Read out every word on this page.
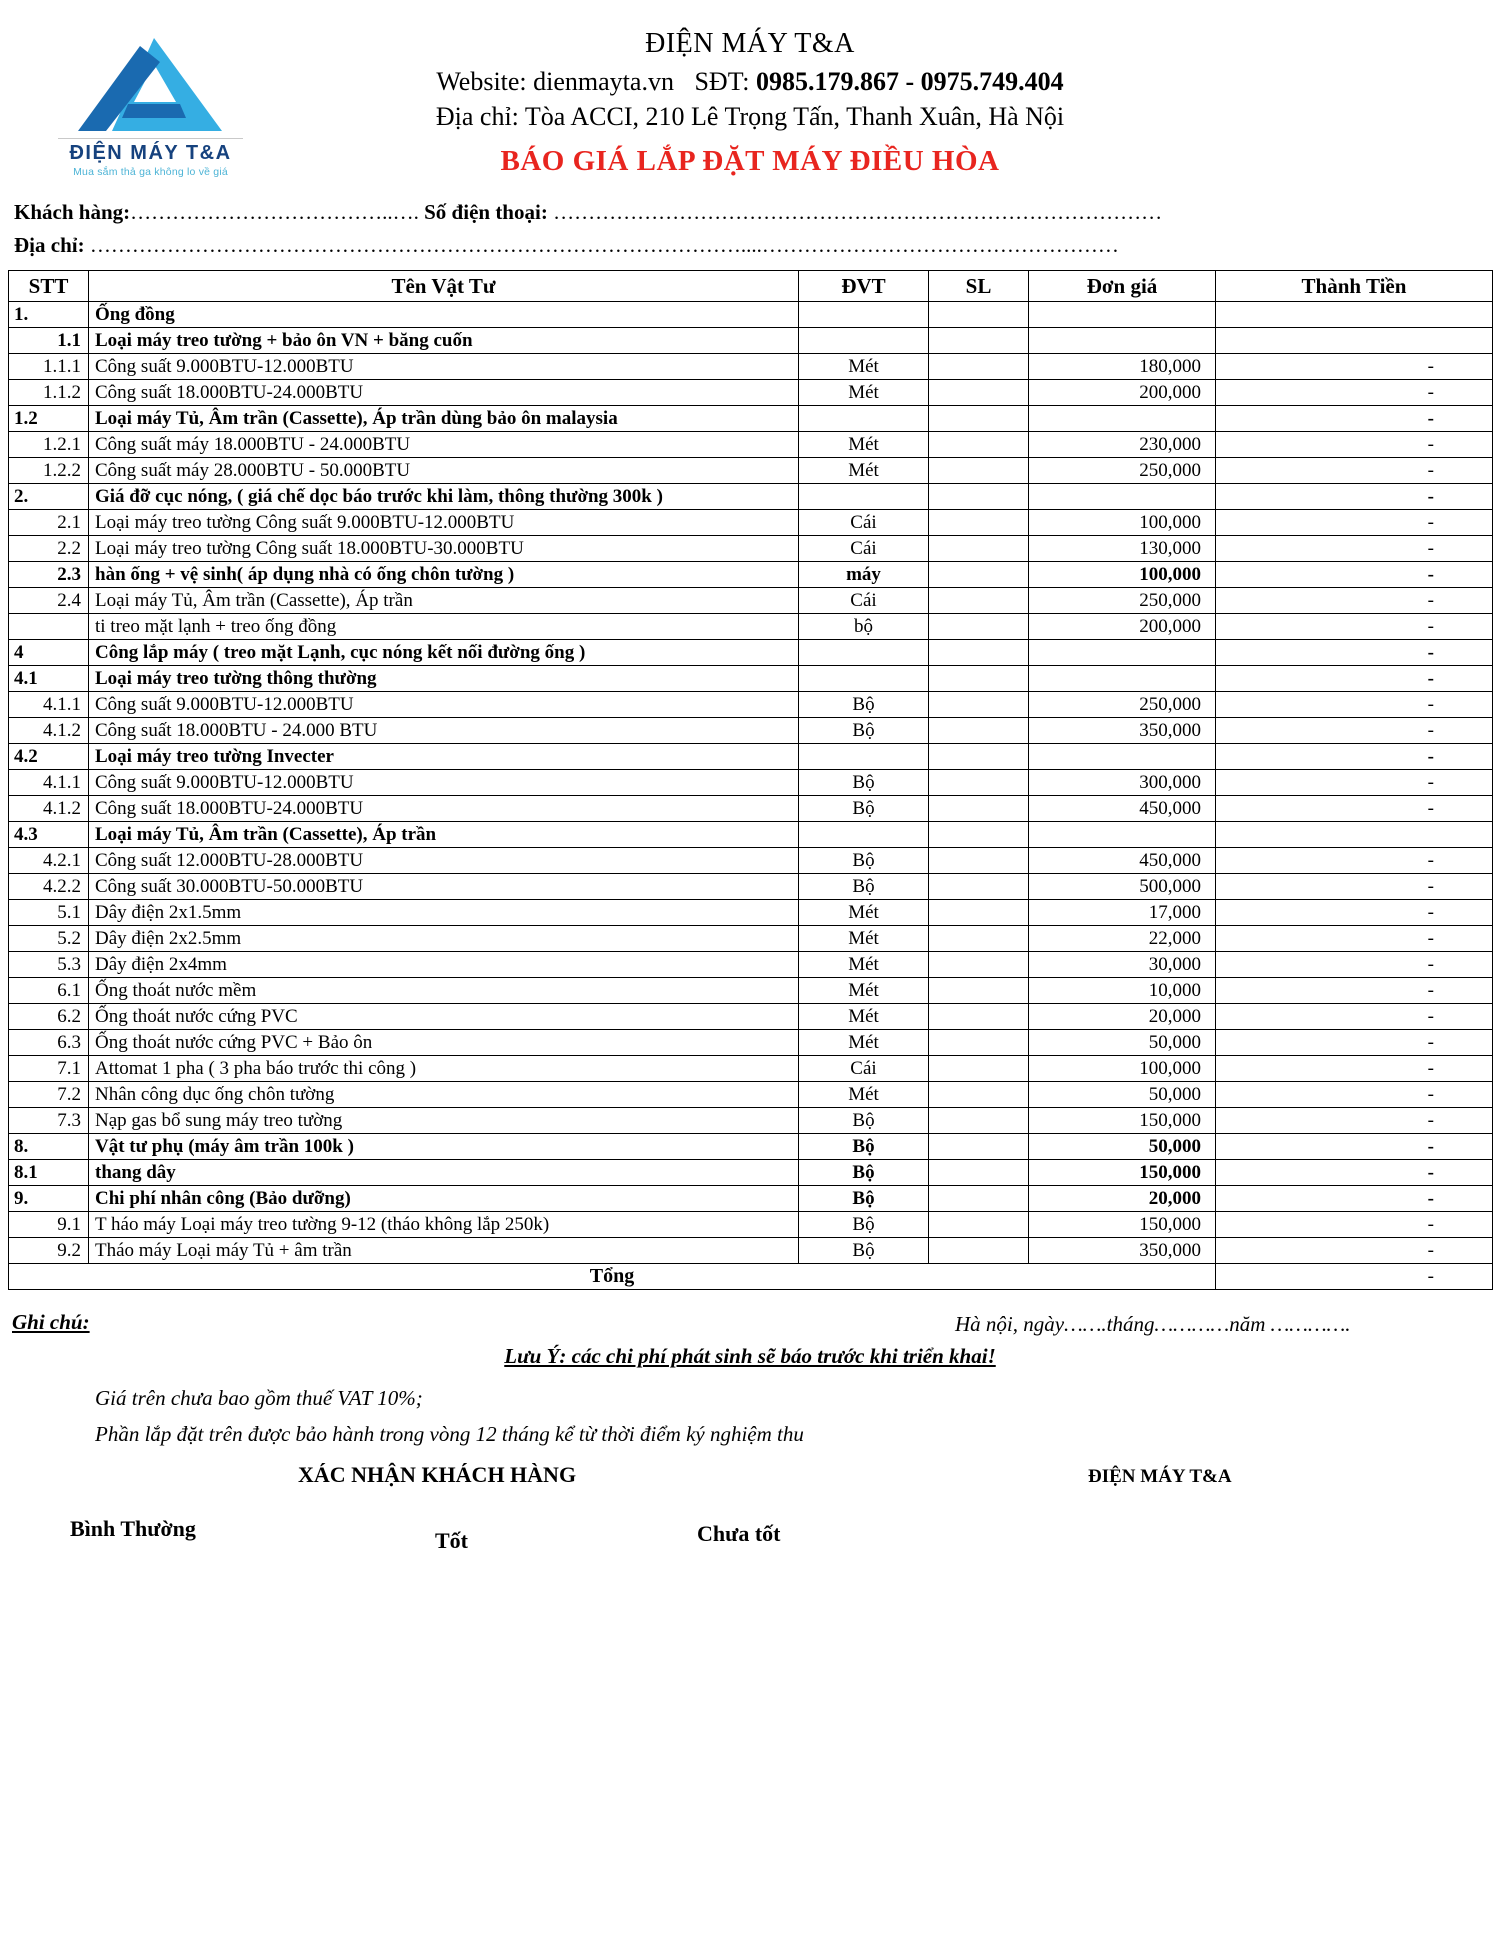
ĐIỆN MÁY T&A
Mua sắm thả ga không lo về giá
ĐIỆN MÁY T&A
Website: dienmayta.vn SĐT: 0985.179.867 - 0975.749.404
Địa chỉ: Tòa ACCI, 210 Lê Trọng Tấn, Thanh Xuân, Hà Nội
BÁO GIÁ LẮP ĐẶT MÁY ĐIỀU HÒA
Khách hàng:………………………………..…. Số điện thoại: ……………………………………………………………………………
Địa chỉ: …………………………………………………………………………………....……………………………………………
STT	Tên Vật Tư	ĐVT	SL	Đơn giá	Thành Tiền
1.	Ống đồng				
1.1	Loại máy treo tường + bảo ôn VN + băng cuốn				
1.1.1	Công suất 9.000BTU-12.000BTU	Mét		180,000	-
1.1.2	Công suất 18.000BTU-24.000BTU	Mét		200,000	-
1.2	Loại máy Tủ, Âm trần (Cassette), Áp trần dùng bảo ôn malaysia				-
1.2.1	Công suất máy 18.000BTU - 24.000BTU	Mét		230,000	-
1.2.2	Công suất máy 28.000BTU - 50.000BTU	Mét		250,000	-
2.	Giá đỡ cục nóng, ( giá chế dọc báo trước khi làm, thông thường 300k )				-
2.1	Loại máy treo tường Công suất 9.000BTU-12.000BTU	Cái		100,000	-
2.2	Loại máy treo tường Công suất 18.000BTU-30.000BTU	Cái		130,000	-
2.3	hàn ống + vệ sinh( áp dụng nhà có ống chôn tường )	máy		100,000	-
2.4	Loại máy Tủ, Âm trần (Cassette), Áp trần	Cái		250,000	-
	ti treo mặt lạnh + treo ống đồng	bộ		200,000	-
4	Công lắp máy ( treo mặt Lạnh, cục nóng kết nối đường ống )				-
4.1	Loại máy treo tường thông thường				-
4.1.1	Công suất 9.000BTU-12.000BTU	Bộ		250,000	-
4.1.2	Công suất 18.000BTU - 24.000 BTU	Bộ		350,000	-
4.2	Loại máy treo tường Invecter				-
4.1.1	Công suất 9.000BTU-12.000BTU	Bộ		300,000	-
4.1.2	Công suất 18.000BTU-24.000BTU	Bộ		450,000	-
4.3	Loại máy Tủ, Âm trần (Cassette), Áp trần				
4.2.1	Công suất 12.000BTU-28.000BTU	Bộ		450,000	-
4.2.2	Công suất 30.000BTU-50.000BTU	Bộ		500,000	-
5.1	Dây điện 2x1.5mm	Mét		17,000	-
5.2	Dây điện 2x2.5mm	Mét		22,000	-
5.3	Dây điện 2x4mm	Mét		30,000	-
6.1	Ống thoát nước mềm	Mét		10,000	-
6.2	Ống thoát nước cứng PVC	Mét		20,000	-
6.3	Ống thoát nước cứng PVC + Bảo ôn	Mét		50,000	-
7.1	Attomat 1 pha ( 3 pha báo trước thi công )	Cái		100,000	-
7.2	Nhân công dục ống chôn tường	Mét		50,000	-
7.3	Nạp gas bổ sung máy treo tường	Bộ		150,000	-
8.	Vật tư phụ (máy âm trần 100k )	Bộ		50,000	-
8.1	thang dây	Bộ		150,000	-
9.	Chi phí nhân công (Bảo dưỡng)	Bộ		20,000	-
9.1	T háo máy Loại máy treo tường 9-12 (tháo không lắp 250k)	Bộ		150,000	-
9.2	Tháo máy Loại máy Tủ + âm trần	Bộ		350,000	-
Tổng					-
Ghi chú:	Hà nội, ngày…….tháng…………năm ………….
Lưu Ý: các chi phí phát sinh sẽ báo trước khi triển khai!
Giá trên chưa bao gồm thuế VAT 10%;
Phần lắp đặt trên được bảo hành trong vòng 12 tháng kể từ thời điểm ký nghiệm thu
XÁC NHẬN KHÁCH HÀNG	ĐIỆN MÁY T&A
Bình Thường	Tốt	Chưa tốt
